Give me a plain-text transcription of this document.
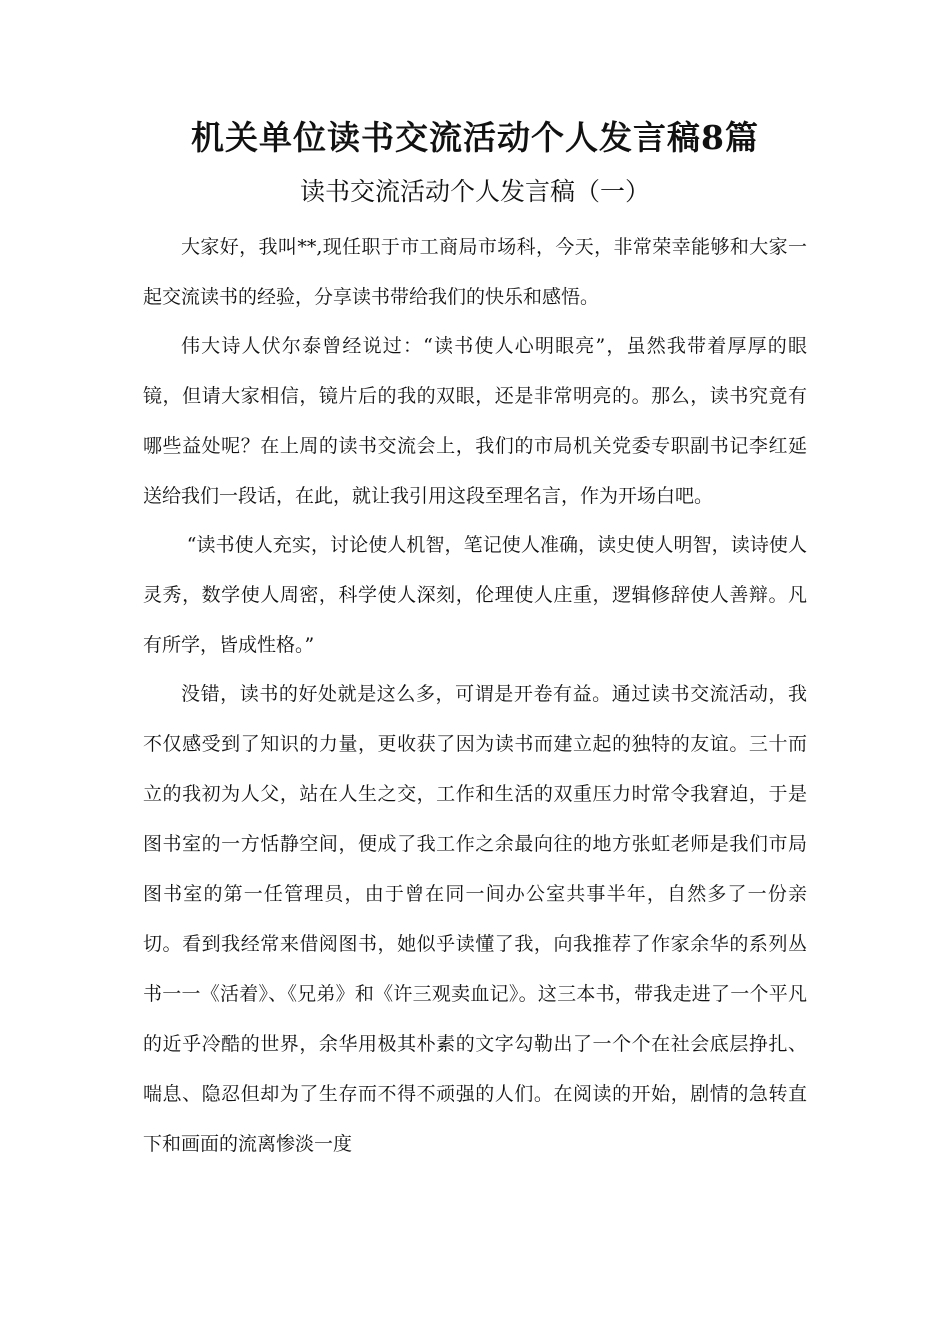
机关单位读书交流活动个人发言稿8篇
读书交流活动个人发言稿（一）

大家好，我叫**,现任职于市工商局市场科，今天，非常荣幸能够和大家一起交流读书的经验，分享读书带给我们的快乐和感悟。

伟大诗人伏尔泰曾经说过：“读书使人心明眼亮”，虽然我带着厚厚的眼镜，但请大家相信，镜片后的我的双眼，还是非常明亮的。那么，读书究竟有哪些益处呢？在上周的读书交流会上，我们的市局机关党委专职副书记李红延送给我们一段话，在此，就让我引用这段至理名言，作为开场白吧。

“读书使人充实，讨论使人机智，笔记使人准确，读史使人明智，读诗使人灵秀，数学使人周密，科学使人深刻，伦理使人庄重，逻辑修辞使人善辩。凡有所学，皆成性格。”

没错，读书的好处就是这么多，可谓是开卷有益。通过读书交流活动，我不仅感受到了知识的力量，更收获了因为读书而建立起的独特的友谊。三十而立的我初为人父，站在人生之交，工作和生活的双重压力时常令我窘迫，于是图书室的一方恬静空间，便成了我工作之余最向往的地方张虹老师是我们市局图书室的第一任管理员，由于曾在同一间办公室共事半年，自然多了一份亲切。看到我经常来借阅图书，她似乎读懂了我，向我推荐了作家余华的系列丛书一一《活着》、《兄弟》和《许三观卖血记》。这三本书，带我走进了一个平凡的近乎冷酷的世界，余华用极其朴素的文字勾勒出了一个个在社会底层挣扎、喘息、隐忍但却为了生存而不得不顽强的人们。在阅读的开始，剧情的急转直下和画面的流离惨淡一度
